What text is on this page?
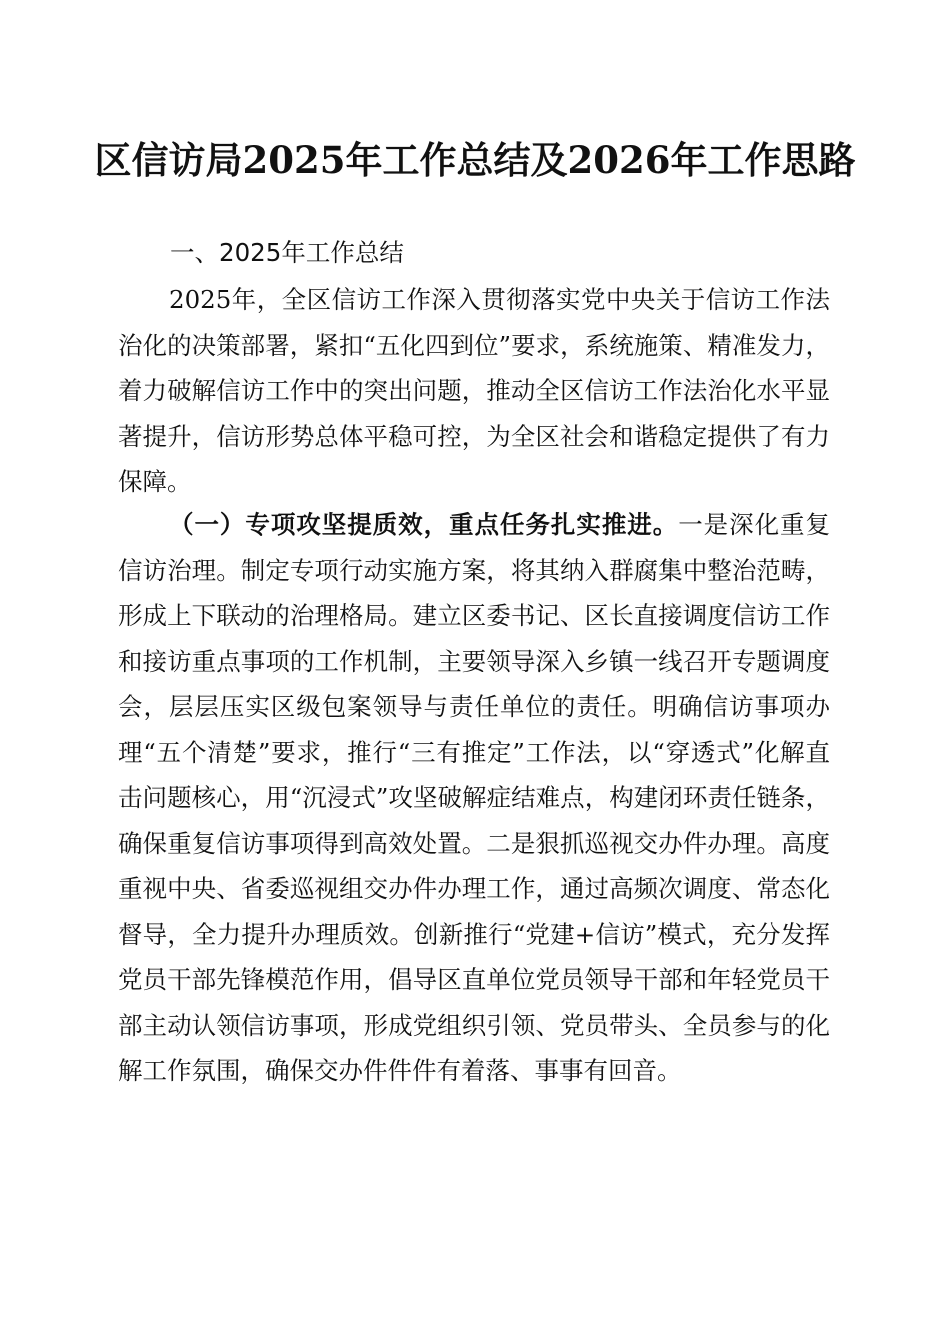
区信访局2025年工作总结及2026年工作思路

一、2025年工作总结

2025年，全区信访工作深入贯彻落实党中央关于信访工作法治化的决策部署，紧扣“五化四到位”要求，系统施策、精准发力，着力破解信访工作中的突出问题，推动全区信访工作法治化水平显著提升，信访形势总体平稳可控，为全区社会和谐稳定提供了有力保障。

（一）专项攻坚提质效，重点任务扎实推进。一是深化重复信访治理。制定专项行动实施方案，将其纳入群腐集中整治范畴，形成上下联动的治理格局。建立区委书记、区长直接调度信访工作和接访重点事项的工作机制，主要领导深入乡镇一线召开专题调度会，层层压实区级包案领导与责任单位的责任。明确信访事项办理“五个清楚”要求，推行“三有推定”工作法，以“穿透式”化解直击问题核心，用“沉浸式”攻坚破解症结难点，构建闭环责任链条，确保重复信访事项得到高效处置。二是狠抓巡视交办件办理。高度重视中央、省委巡视组交办件办理工作，通过高频次调度、常态化督导，全力提升办理质效。创新推行“党建+信访”模式，充分发挥党员干部先锋模范作用，倡导区直单位党员领导干部和年轻党员干部主动认领信访事项，形成党组织引领、党员带头、全员参与的化解工作氛围，确保交办件件件有着落、事事有回音。
